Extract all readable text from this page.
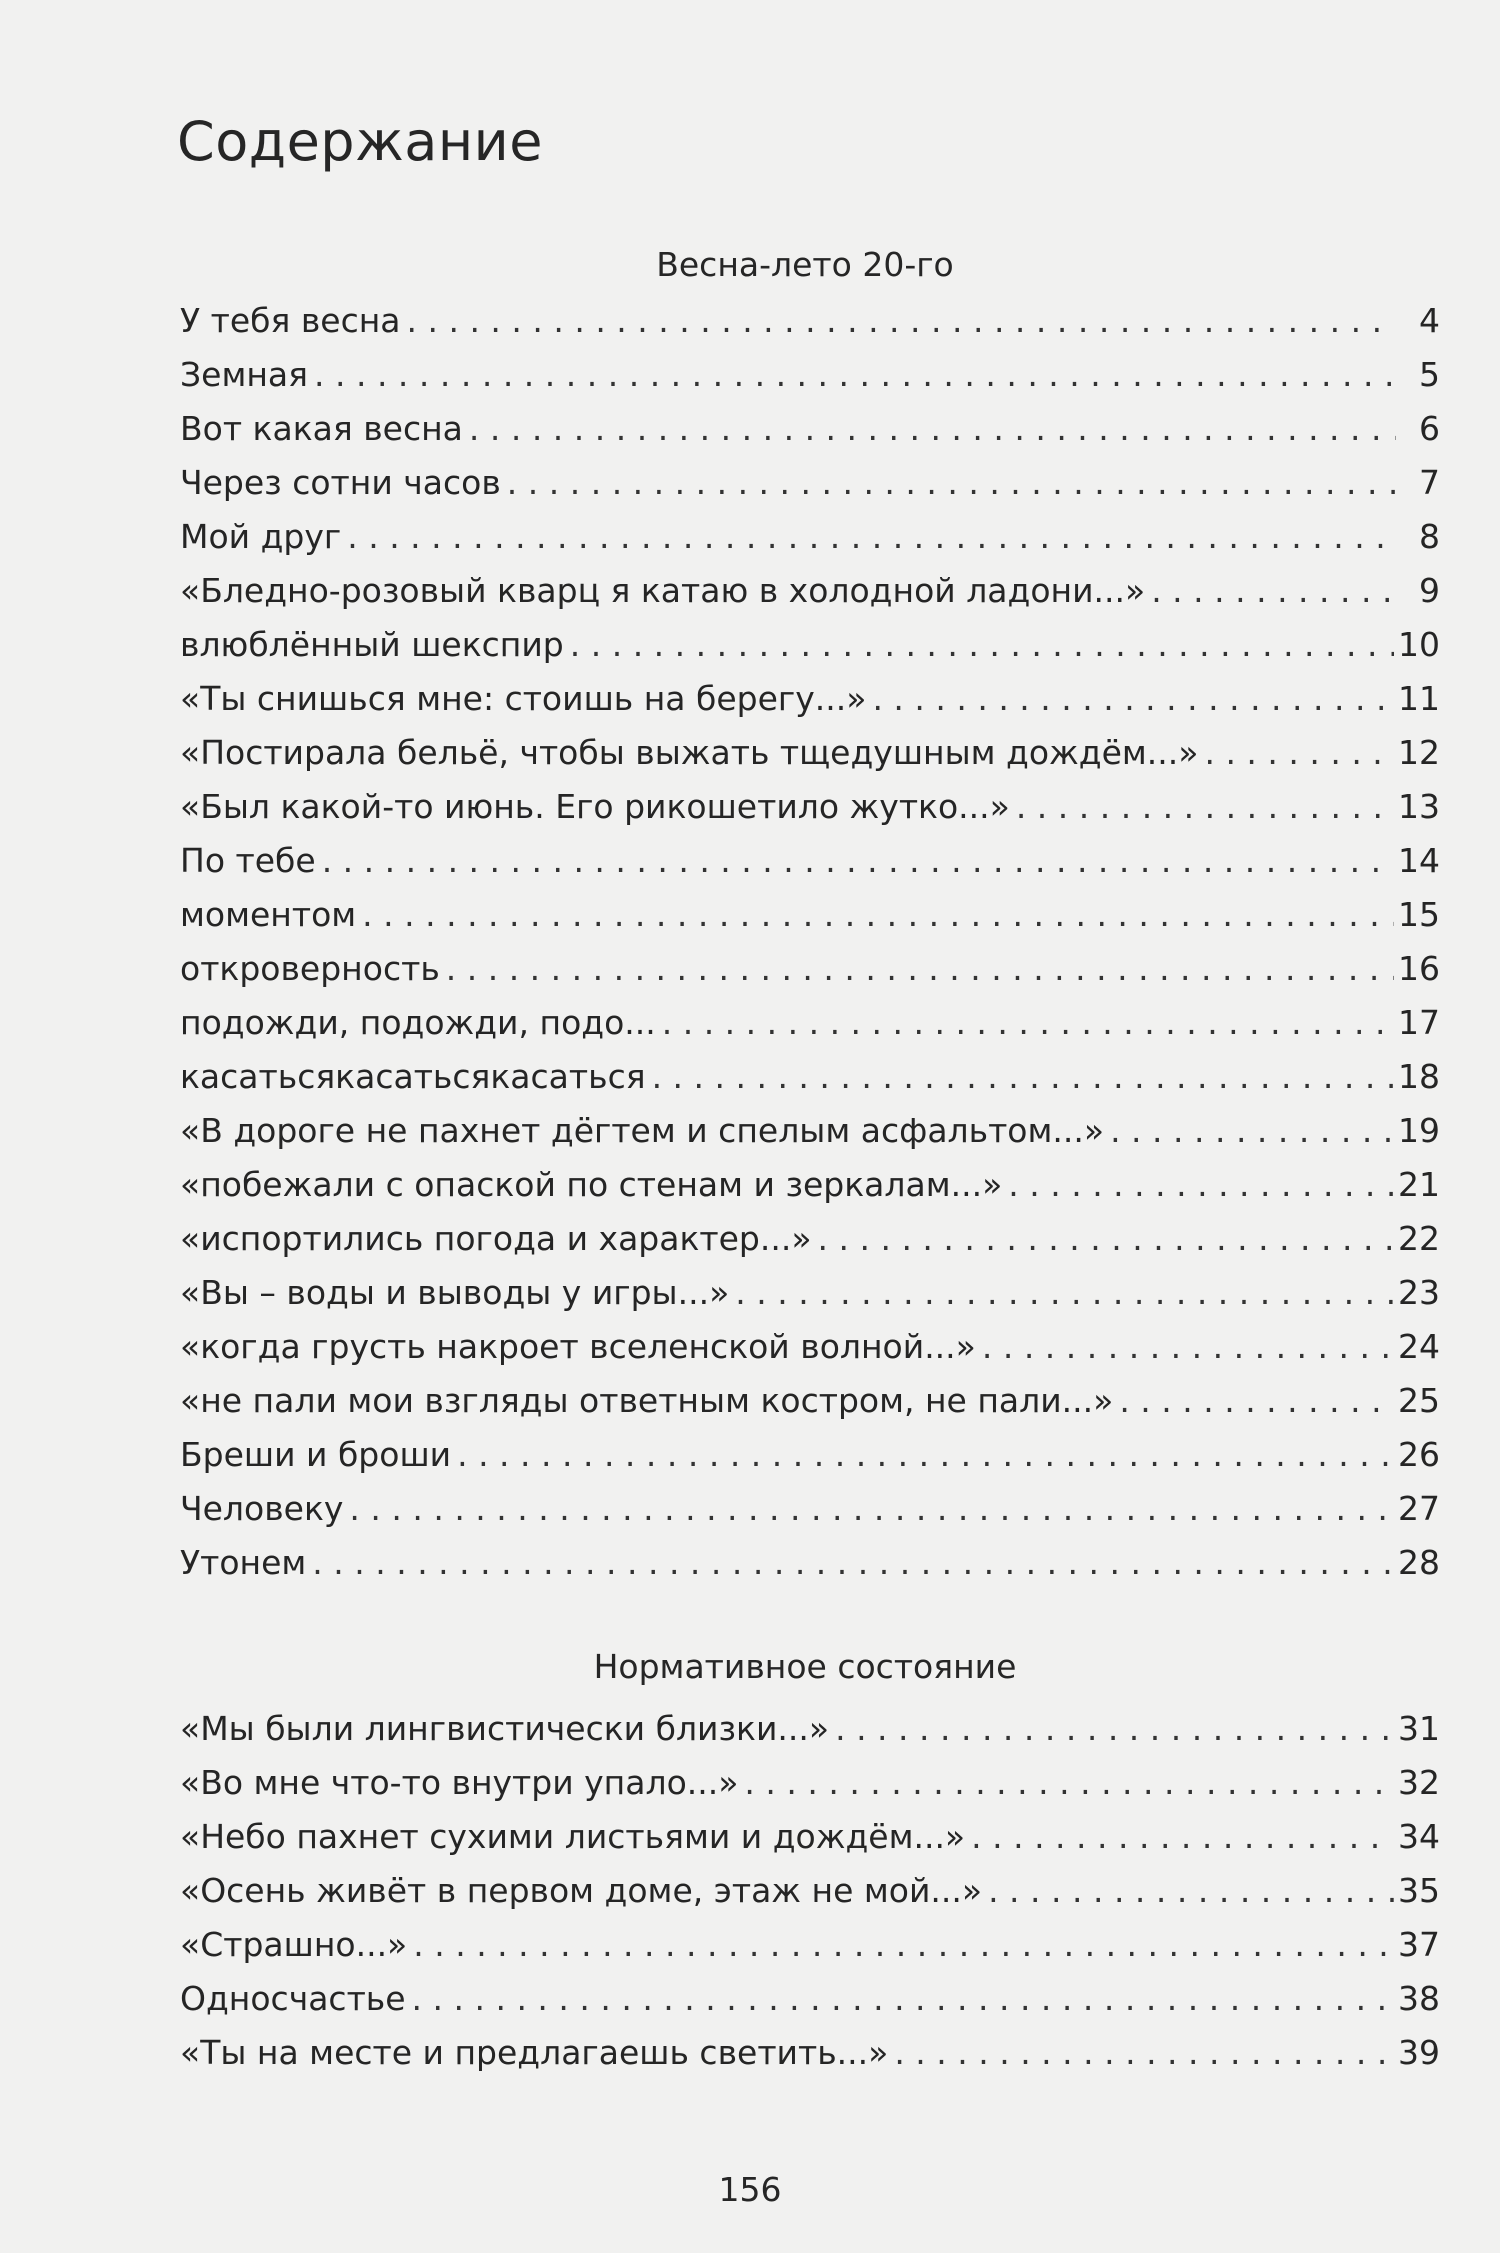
Содержание
Весна-лето 20-го
У тебя весна . . .	4
Земная . . .	5
Вот какая весна . . .	6
Через сотни часов . . .	7
Мой друг . . .	8
«Бледно-розовый кварц я катаю в холодной ладони...» . . .	9
влюблённый шекспир . . .	10
«Ты снишься мне: стоишь на берегу...» . . .	11
«Постирала бельё, чтобы выжать тщедушным дождём...» . . .	12
«Был какой-то июнь. Его рикошетило жутко...» . . .	13
По тебе . . .	14
моментом . . .	15
откроверность . . .	16
подожди, подожди, подо... . . .	17
касатьсякасатьсякасаться . . .	18
«В дороге не пахнет дёгтем и спелым асфальтом...» . . .	19
«побежали с опаской по стенам и зеркалам...» . . .	21
«испортились погода и характер...» . . .	22
«Вы – воды и выводы у игры...» . . .	23
«когда грусть накроет вселенской волной...» . . .	24
«не пали мои взгляды ответным костром, не пали...» . . .	25
Бреши и броши . . .	26
Человеку . . .	27
Утонем . . .	28
Нормативное состояние
«Мы были лингвистически близки...» . . .	31
«Во мне что-то внутри упало...» . . .	32
«Небо пахнет сухими листьями и дождём...» . . .	34
«Осень живёт в первом доме, этаж не мой...» . . .	35
«Страшно...» . . .	37
Односчастье . . .	38
«Ты на месте и предлагаешь светить...» . . .	39
156
